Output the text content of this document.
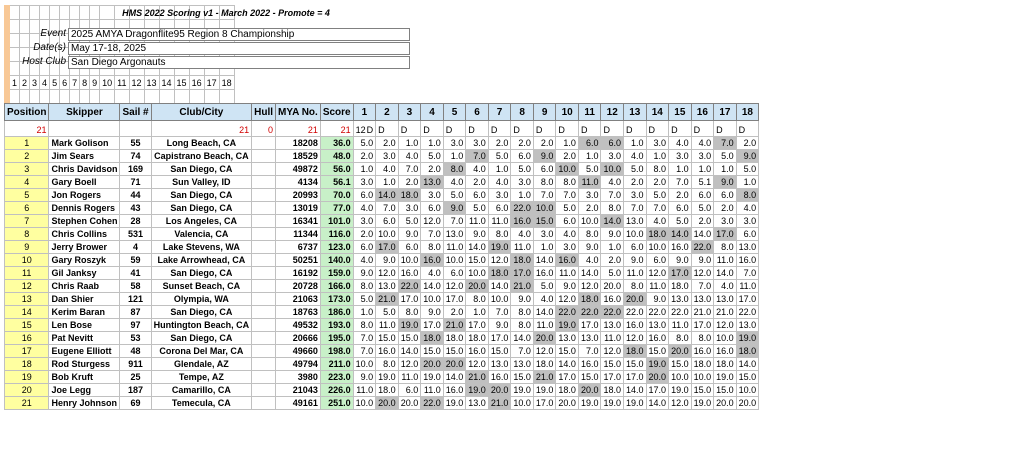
	1	2	3	4	5	6	7	8	9	10	11	12	13	14	15	16	17	18

HMS 2022 Scoring v1 - March 2022 - Promote = 4
Event 2025 AMYA Dragonflite95 Region 8 Championship
Date(s) May 17-18, 2025
Host Club San Diego Argonauts
Position	Skipper	Sail #	Club/City	Hull	MYA No.	Score	1	2	3	4	5	6	7	8	9	10	11	12	13	14	15	16	17	18
21			21	0	21	21	12D	D	D	D	D	D	D	D	D	D	D	D	D	D	D	D	D	D
1	Mark Golison	55	Long Beach, CA		18208	36.0	5.0	2.0	1.0	1.0	3.0	3.0	2.0	2.0	2.0	1.0	6.0	6.0	1.0	3.0	4.0	4.0	7.0	2.0
2	Jim Sears	74	Capistrano Beach, CA		18529	48.0	2.0	3.0	4.0	5.0	1.0	7.0	5.0	6.0	9.0	2.0	1.0	3.0	4.0	1.0	3.0	3.0	5.0	9.0
3	Chris Davidson	169	San Diego, CA		49872	56.0	1.0	4.0	7.0	2.0	8.0	4.0	1.0	5.0	6.0	10.0	5.0	10.0	5.0	8.0	1.0	1.0	1.0	5.0
4	Gary Boell	71	Sun Valley, ID		4134	56.1	3.0	1.0	2.0	13.0	4.0	2.0	4.0	3.0	8.0	8.0	11.0	4.0	2.0	2.0	7.0	5.1	9.0	1.0
5	Jon Rogers	44	San Diego, CA		20993	70.0	6.0	14.0	18.0	3.0	5.0	6.0	3.0	1.0	7.0	7.0	3.0	7.0	3.0	5.0	2.0	6.0	6.0	8.0
6	Dennis Rogers	43	San Diego, CA		13019	77.0	4.0	7.0	3.0	6.0	9.0	5.0	6.0	22.0	10.0	5.0	2.0	8.0	7.0	7.0	6.0	5.0	2.0	4.0
7	Stephen Cohen	28	Los Angeles, CA		16341	101.0	3.0	6.0	5.0	12.0	7.0	11.0	11.0	16.0	15.0	6.0	10.0	14.0	13.0	4.0	5.0	2.0	3.0	3.0
8	Chris Collins	531	Valencia, CA		11344	116.0	2.0	10.0	9.0	7.0	13.0	9.0	8.0	4.0	3.0	4.0	8.0	9.0	10.0	18.0	14.0	14.0	17.0	6.0
9	Jerry Brower	4	Lake Stevens, WA		6737	123.0	6.0	17.0	6.0	8.0	11.0	14.0	19.0	11.0	1.0	3.0	9.0	1.0	6.0	10.0	16.0	22.0	8.0	13.0
10	Gary Roszyk	59	Lake Arrowhead, CA		50251	140.0	4.0	9.0	10.0	16.0	10.0	15.0	12.0	18.0	14.0	16.0	4.0	2.0	9.0	6.0	9.0	9.0	11.0	16.0
11	Gil Janksy	41	San Diego, CA		16192	159.0	9.0	12.0	16.0	4.0	6.0	10.0	18.0	17.0	16.0	11.0	14.0	5.0	11.0	12.0	17.0	12.0	14.0	7.0
12	Chris Raab	58	Sunset Beach, CA		20728	166.0	8.0	13.0	22.0	14.0	12.0	20.0	14.0	21.0	5.0	9.0	12.0	20.0	8.0	11.0	18.0	7.0	4.0	11.0
13	Dan Shier	121	Olympia, WA		21063	173.0	5.0	21.0	17.0	10.0	17.0	8.0	10.0	9.0	4.0	12.0	18.0	16.0	20.0	9.0	13.0	13.0	13.0	17.0
14	Kerim Baran	87	San Diego, CA		18763	186.0	1.0	5.0	8.0	9.0	2.0	1.0	7.0	8.0	14.0	22.0	22.0	22.0	22.0	22.0	22.0	21.0	21.0	22.0
15	Len Bose	97	Huntington Beach, CA		49532	193.0	8.0	11.0	19.0	17.0	21.0	17.0	9.0	8.0	11.0	19.0	17.0	13.0	16.0	13.0	11.0	17.0	12.0	13.0
16	Pat Nevitt	53	San Diego, CA		20666	195.0	7.0	15.0	15.0	18.0	18.0	18.0	17.0	14.0	20.0	13.0	13.0	11.0	12.0	16.0	8.0	8.0	10.0	19.0
17	Eugene Elliott	48	Corona Del Mar, CA		49660	198.0	7.0	16.0	14.0	15.0	15.0	16.0	15.0	7.0	12.0	15.0	7.0	12.0	18.0	15.0	20.0	16.0	16.0	18.0
18	Rod Sturgess	911	Glendale, AZ		49794	211.0	10.0	8.0	12.0	20.0	20.0	12.0	13.0	13.0	18.0	14.0	16.0	15.0	15.0	19.0	15.0	18.0	18.0	14.0
19	Bob Kruft	25	Tempe, AZ		3980	223.0	9.0	19.0	11.0	19.0	14.0	21.0	16.0	15.0	21.0	17.0	15.0	17.0	17.0	20.0	10.0	10.0	19.0	15.0
20	Joe Legg	187	Camarillo, CA		21043	226.0	11.0	18.0	6.0	11.0	16.0	19.0	20.0	19.0	19.0	18.0	20.0	18.0	14.0	17.0	19.0	15.0	15.0	10.0
21	Henry Johnson	69	Temecula, CA		49161	251.0	10.0	20.0	20.0	22.0	19.0	13.0	21.0	10.0	17.0	20.0	19.0	19.0	19.0	14.0	12.0	19.0	20.0	20.0
